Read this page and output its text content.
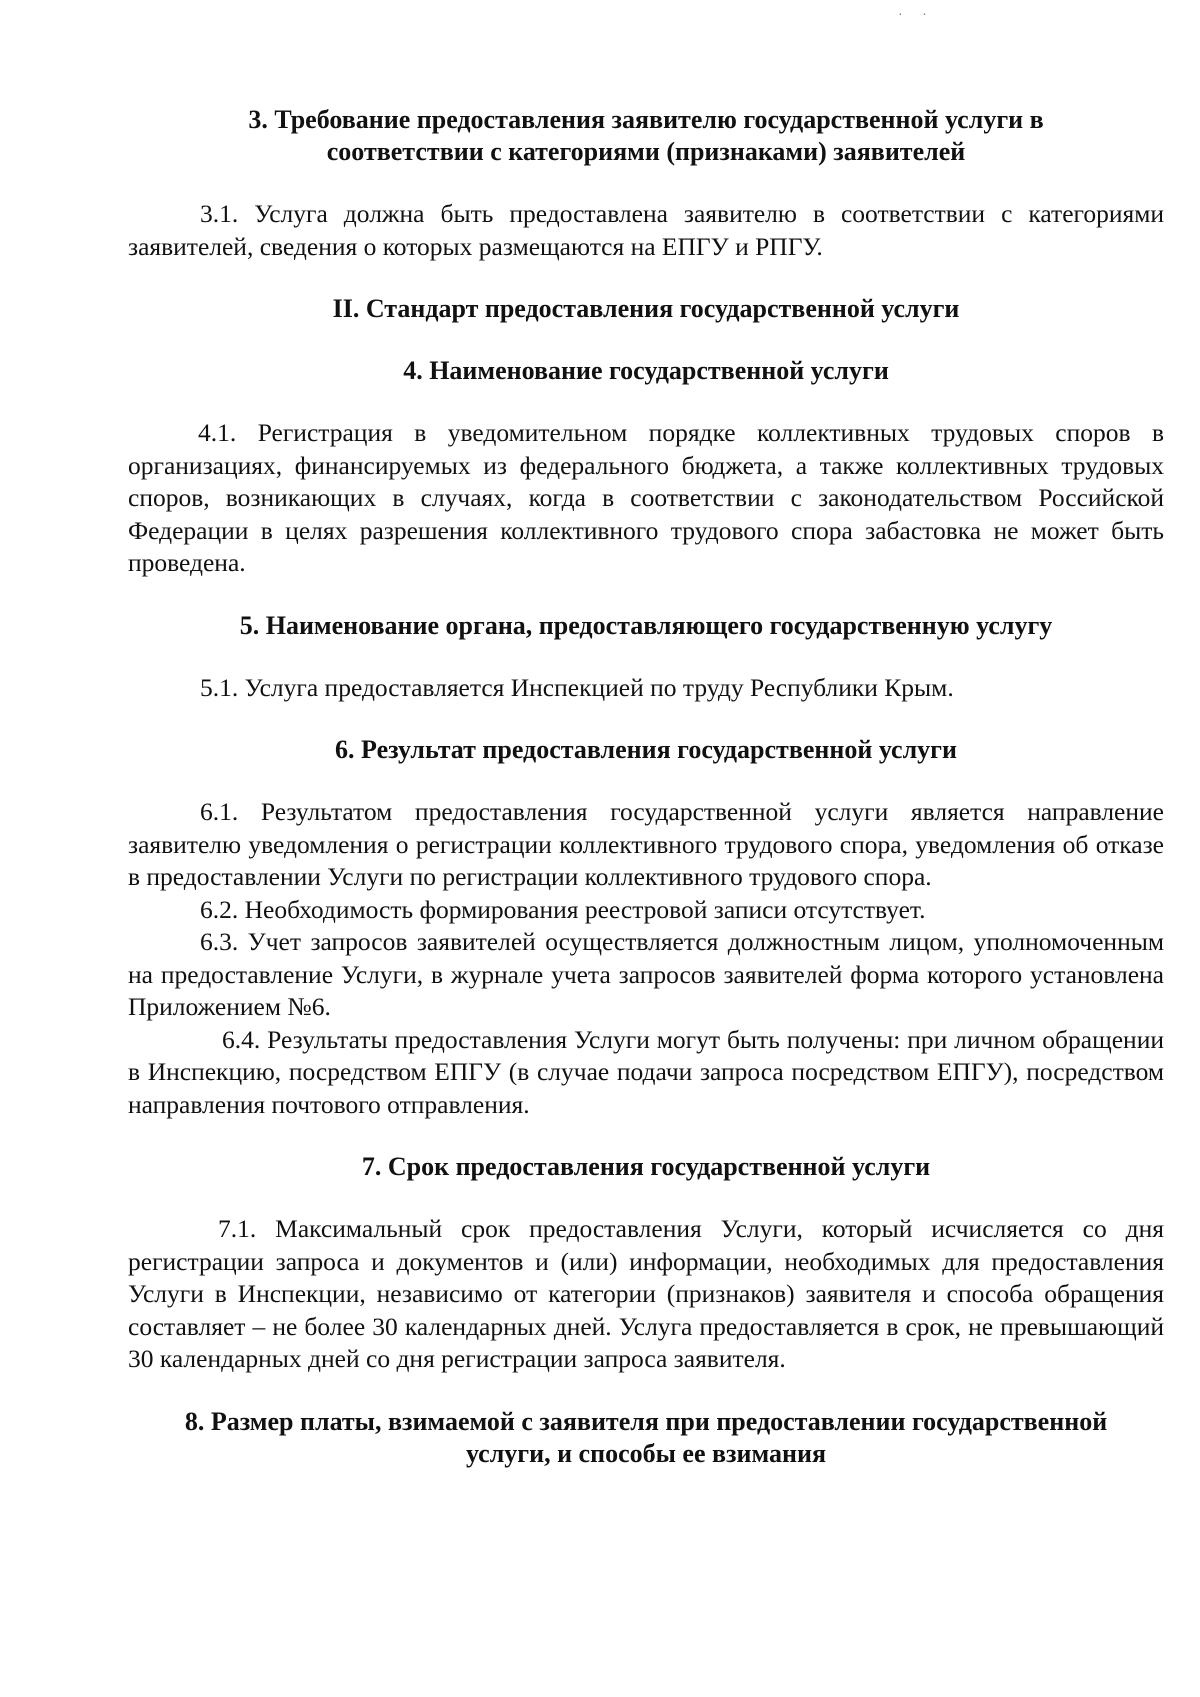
· ·

3. Требование предоставления заявителю государственной услуги в

соответствии с категориями (признаками) заявителей

3.1. Услуга должна быть предоставлена заявителю в соответствии с категориями заявителей, сведения о которых размещаются на ЕПГУ и РПГУ.

II. Стандарт предоставления государственной услуги

4. Наименование государственной услуги

4.1. Регистрация в уведомительном порядке коллективных трудовых споров в организациях, финансируемых из федерального бюджета, а также коллективных трудовых споров, возникающих в случаях, когда в соответствии с законодательством Российской Федерации в целях разрешения коллективного трудового спора забастовка не может быть проведена.

5. Наименование органа, предоставляющего государственную услугу

5.1. Услуга предоставляется Инспекцией по труду Республики Крым.

6. Результат предоставления государственной услуги

6.1. Результатом предоставления государственной услуги является направление заявителю уведомления о регистрации коллективного трудового спора, уведомления об отказе в предоставлении Услуги по регистрации коллективного трудового спора.

6.2. Необходимость формирования реестровой записи отсутствует.

6.3. Учет запросов заявителей осуществляется должностным лицом, уполномоченным на предоставление Услуги, в журнале учета запросов заявителей форма которого установлена Приложением №6.

6.4. Результаты предоставления Услуги могут быть получены: при личном обращении в Инспекцию, посредством ЕПГУ (в случае подачи запроса посредством ЕПГУ), посредством направления почтового отправления.

7. Срок предоставления государственной услуги

7.1. Максимальный срок предоставления Услуги, который исчисляется со дня регистрации запроса и документов и (или) информации, необходимых для предоставления Услуги в Инспекции, независимо от категории (признаков) заявителя и способа обращения составляет – не более 30 календарных дней. Услуга предоставляется в срок, не превышающий 30 календарных дней со дня регистрации запроса заявителя.

8. Размер платы, взимаемой с заявителя при предоставлении государственной

услуги, и способы ее взимания
